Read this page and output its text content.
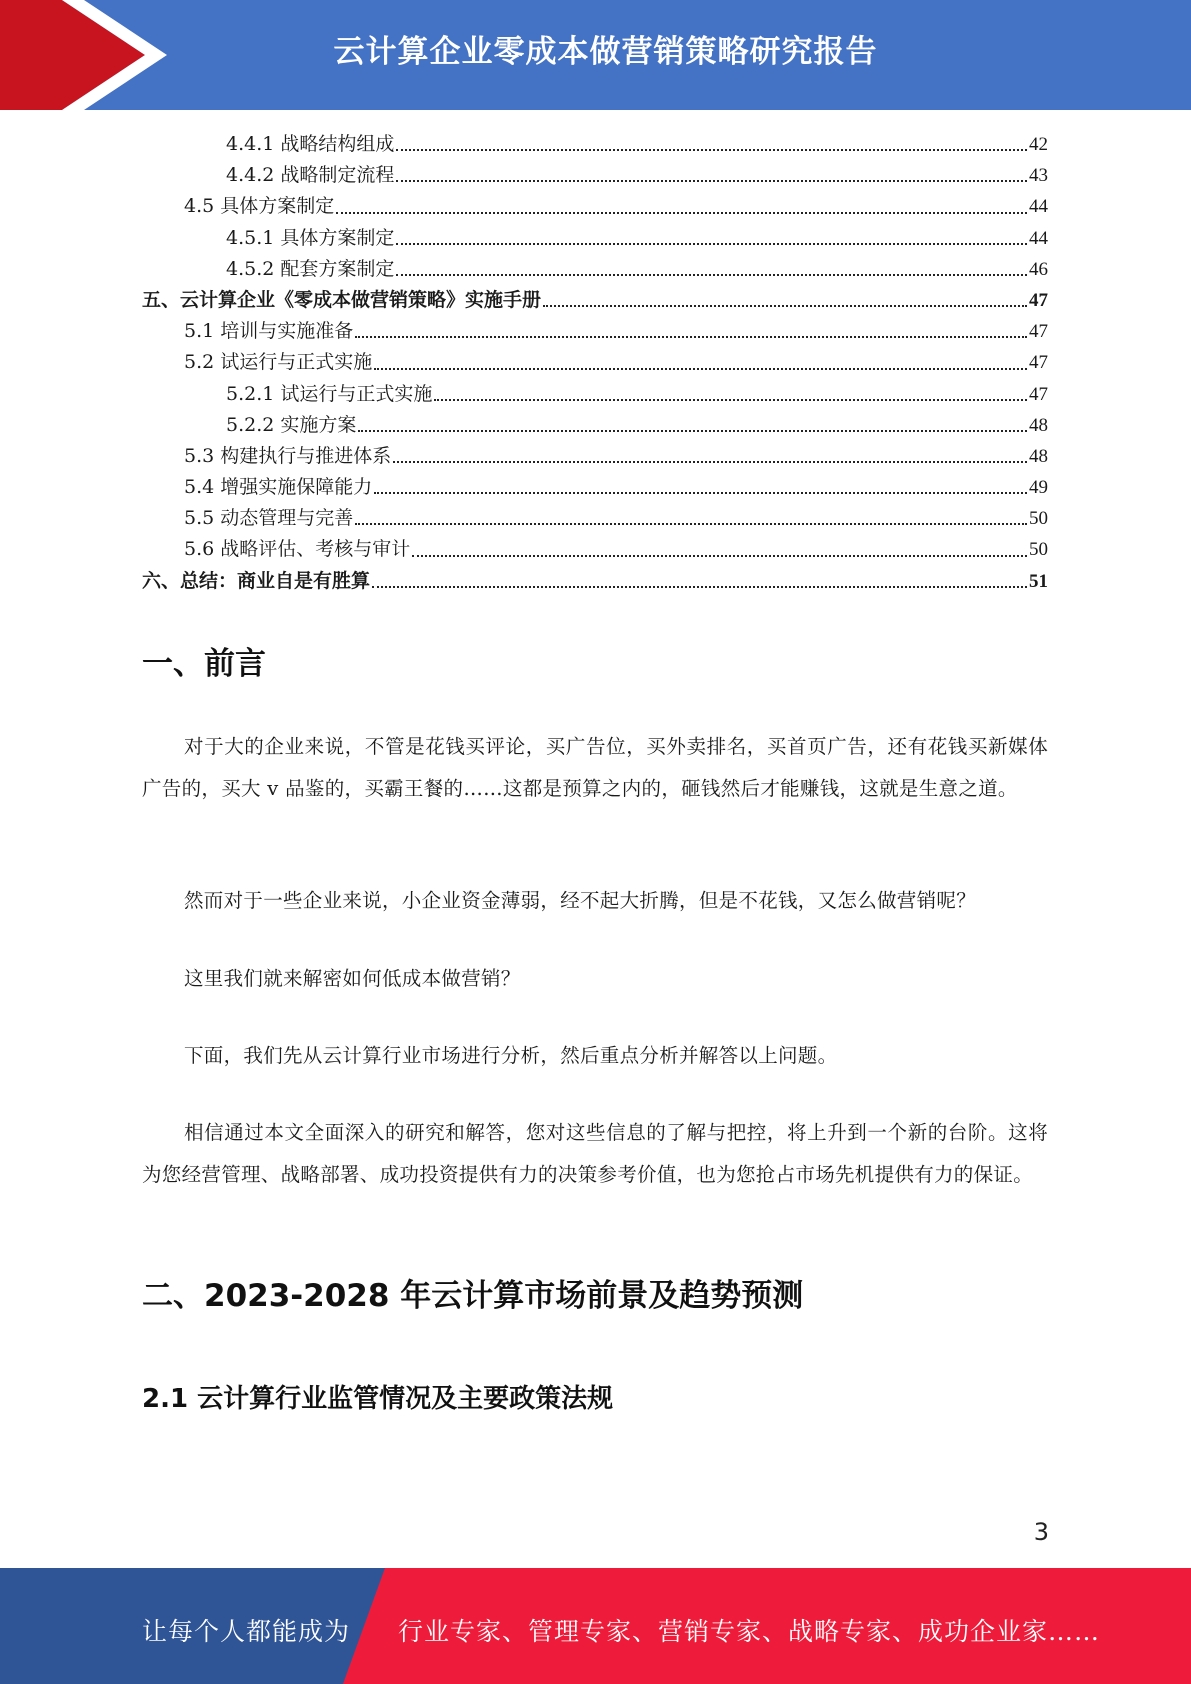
云计算企业零成本做营销策略研究报告
4.4.1 战略结构组成	42
4.4.2 战略制定流程	43
4.5 具体方案制定	44
4.5.1 具体方案制定	44
4.5.2 配套方案制定	46
五、云计算企业《零成本做营销策略》实施手册	47
5.1 培训与实施准备	47
5.2 试运行与正式实施	47
5.2.1 试运行与正式实施	47
5.2.2 实施方案	48
5.3 构建执行与推进体系	48
5.4 增强实施保障能力	49
5.5 动态管理与完善	50
5.6 战略评估、考核与审计	50
六、总结：商业自是有胜算	51
一、前言

对于大的企业来说，不管是花钱买评论，买广告位，买外卖排名，买首页广告，还有花钱买新媒体广告的，买大 v 品鉴的，买霸王餐的……这都是预算之内的，砸钱然后才能赚钱，这就是生意之道。

然而对于一些企业来说，小企业资金薄弱，经不起大折腾，但是不花钱，又怎么做营销呢？

这里我们就来解密如何低成本做营销？

下面，我们先从云计算行业市场进行分析，然后重点分析并解答以上问题。

相信通过本文全面深入的研究和解答，您对这些信息的了解与把控，将上升到一个新的台阶。这将为您经营管理、战略部署、成功投资提供有力的决策参考价值，也为您抢占市场先机提供有力的保证。

二、2023-2028 年云计算市场前景及趋势预测
2.1 云计算行业监管情况及主要政策法规
3
让每个人都能成为 行业专家、管理专家、营销专家、战略专家、成功企业家……
